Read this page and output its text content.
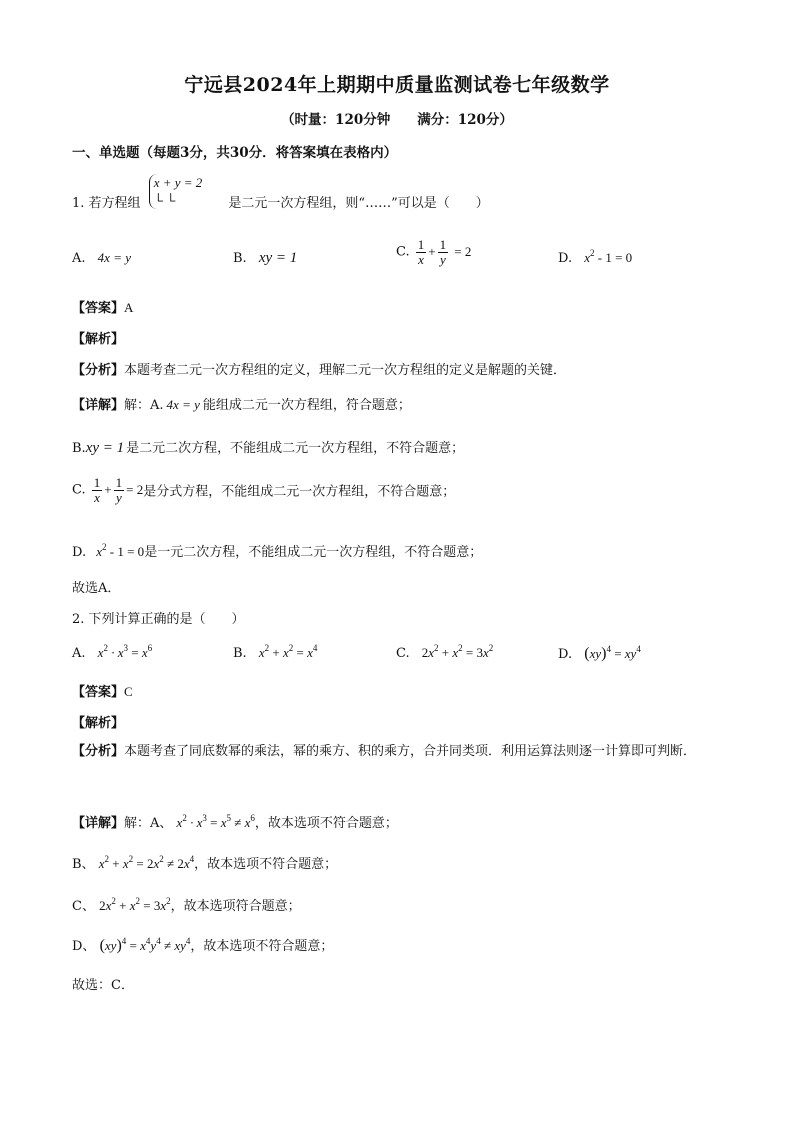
宁远县2024年上期期中质量监测试卷七年级数学
（时量：120分钟　　满分：120分）
一、单选题（每题3分，共30分．将答案填在表格内）
1. 若方程组
x + y = 2
└ └	是二元一次方程组，则“……”可以是（　　）
A. 4x = y	B. xy = 1	C. $\frac{1}{x} + \frac{1}{y} = 2$	D. $x^2 - 1 = 0$
【答案】A
【解析】
【分析】本题考查二元一次方程组的定义，理解二元一次方程组的定义是解题的关键．
【详解】解：A. 4x = y 能组成二元一次方程组，符合题意；
B.xy = 1 是二元二次方程，不能组成二元一次方程组，不符合题意；
C. $\frac{1}{x} + \frac{1}{y} = 2$是分式方程，不能组成二元一次方程组，不符合题意；
D. $x^2 - 1 = 0$是一元二次方程，不能组成二元一次方程组，不符合题意；
故选A．
2. 下列计算正确的是（　　）
A. $x^2 \cdot x^3 = x^6$	B. $x^2 + x^2 = x^4$	C. $2x^2 + x^2 = 3x^2$	D. $(xy)^4 = xy^4$
【答案】C
【解析】
【分析】本题考查了同底数幂的乘法，幂的乘方、积的乘方，合并同类项．利用运算法则逐一计算即可判断．
【详解】解：A、 $x^2 \cdot x^3 = x^5 \ne x^6$，故本选项不符合题意；
B、 $x^2 + x^2 = 2x^2 \ne 2x^4$，故本选项不符合题意；
C、 $2x^2 + x^2 = 3x^2$，故本选项符合题意；
D、 $(xy)^4 = x^4y^4 \ne xy^4$，故本选项不符合题意；
故选：C．
